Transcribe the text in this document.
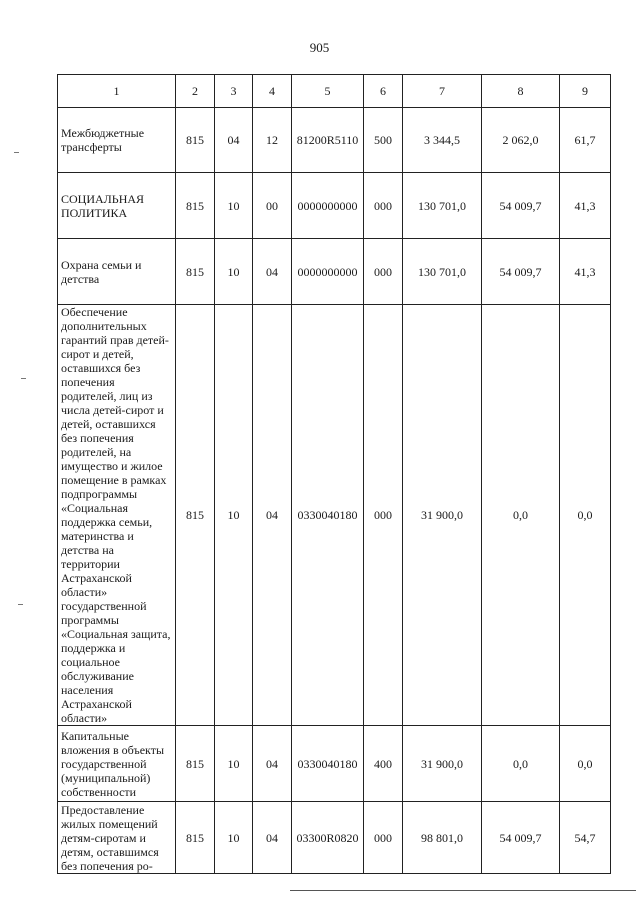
905
1	2	3	4	5	6	7	8	9
Межбюджетные трансферты	815	04	12	81200R5110	500	3 344,5	2 062,0	61,7
СОЦИАЛЬНАЯ ПОЛИТИКА	815	10	00	0000000000	000	130 701,0	54 009,7	41,3
Охрана семьи и детства	815	10	04	0000000000	000	130 701,0	54 009,7	41,3
Обеспечение дополнительных гарантий прав детей-сирот и детей, оставшихся без попечения родителей, лиц из числа детей-сирот и детей, оставшихся без попечения родителей, на имущество и жилое помещение в рамках подпрограммы «Социальная поддержка семьи, материнства и детства на территории Астраханской области» государственной программы «Социальная защита, поддержка и социальное обслуживание населения Астраханской области»	815	10	04	0330040180	000	31 900,0	0,0	0,0
Капитальные вложения в объекты государственной (муниципальной) собственности	815	10	04	0330040180	400	31 900,0	0,0	0,0
Предоставление жилых помещений детям-сиротам и детям, оставшимся без попечения ро-	815	10	04	03300R0820	000	98 801,0	54 009,7	54,7
